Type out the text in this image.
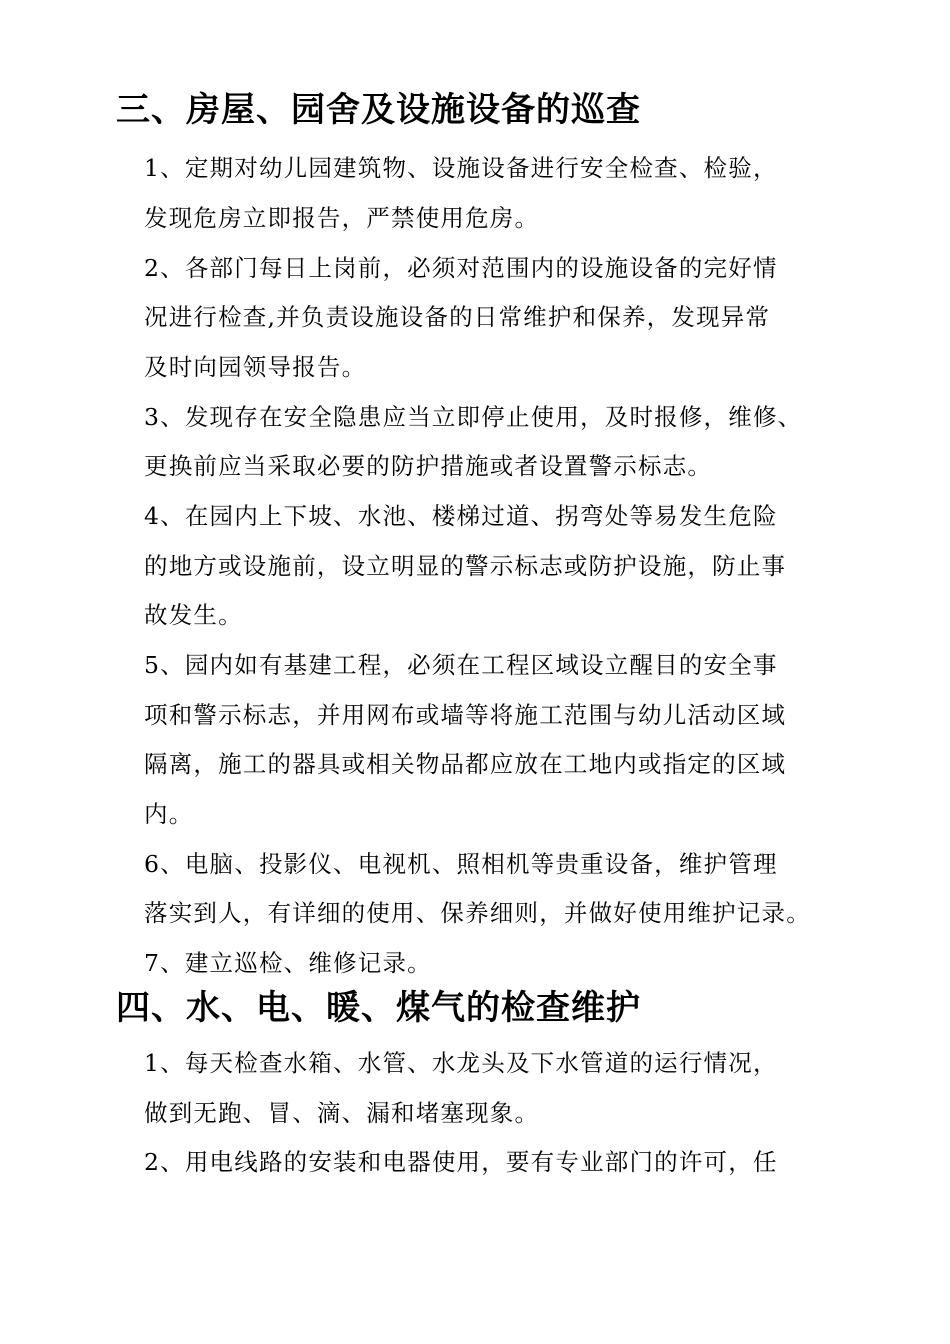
三、房屋、园舍及设施设备的巡查

1、定期对幼儿园建筑物、设施设备进行安全检查、检验，

发现危房立即报告，严禁使用危房。

2、各部门每日上岗前，必须对范围内的设施设备的完好情

况进行检查,并负责设施设备的日常维护和保养，发现异常

及时向园领导报告。

3、发现存在安全隐患应当立即停止使用，及时报修，维修、

更换前应当采取必要的防护措施或者设置警示标志。

4、在园内上下坡、水池、楼梯过道、拐弯处等易发生危险

的地方或设施前，设立明显的警示标志或防护设施，防止事

故发生。

5、园内如有基建工程，必须在工程区域设立醒目的安全事

项和警示标志，并用网布或墙等将施工范围与幼儿活动区域

隔离，施工的器具或相关物品都应放在工地内或指定的区域

内。

6、电脑、投影仪、电视机、照相机等贵重设备，维护管理

落实到人，有详细的使用、保养细则，并做好使用维护记录。

7、建立巡检、维修记录。

四、水、电、暖、煤气的检查维护

1、每天检查水箱、水管、水龙头及下水管道的运行情况，

做到无跑、冒、滴、漏和堵塞现象。

2、用电线路的安装和电器使用，要有专业部门的许可，任
